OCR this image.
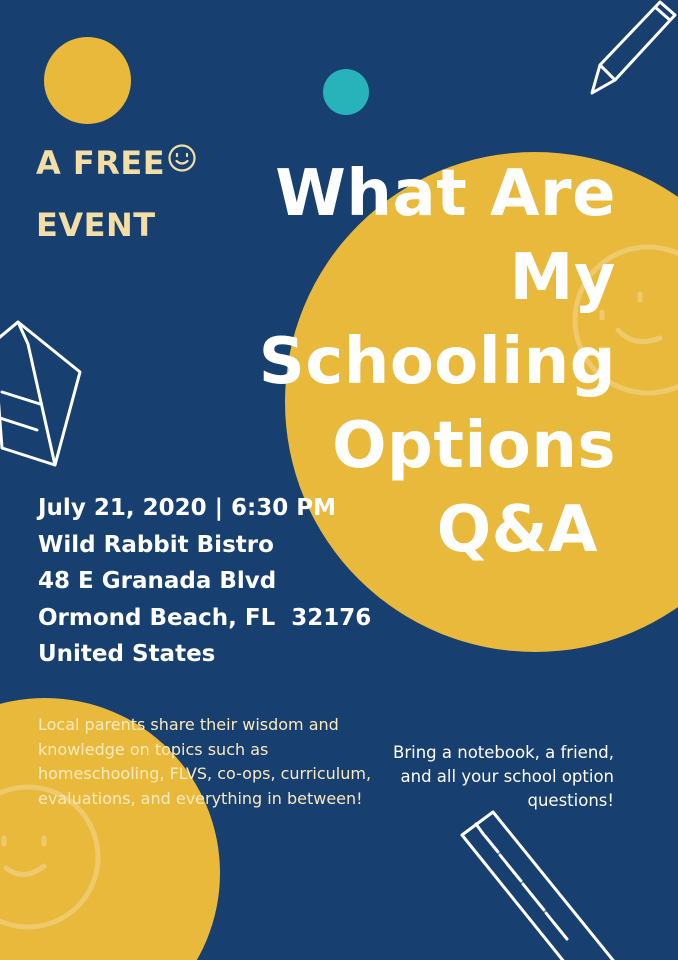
A FREE
EVENT	What Are
My
Schooling
Options
Q&A
July 21, 2020 | 6:30 PM
Wild Rabbit Bistro
48 E Granada Blvd
Ormond Beach, FL  32176
United States
Local parents share their wisdom and knowledge on topics such as homeschooling, FLVS, co-ops, curriculum, evaluations, and everything in between!
Bring a notebook, a friend, and all your school option questions!
